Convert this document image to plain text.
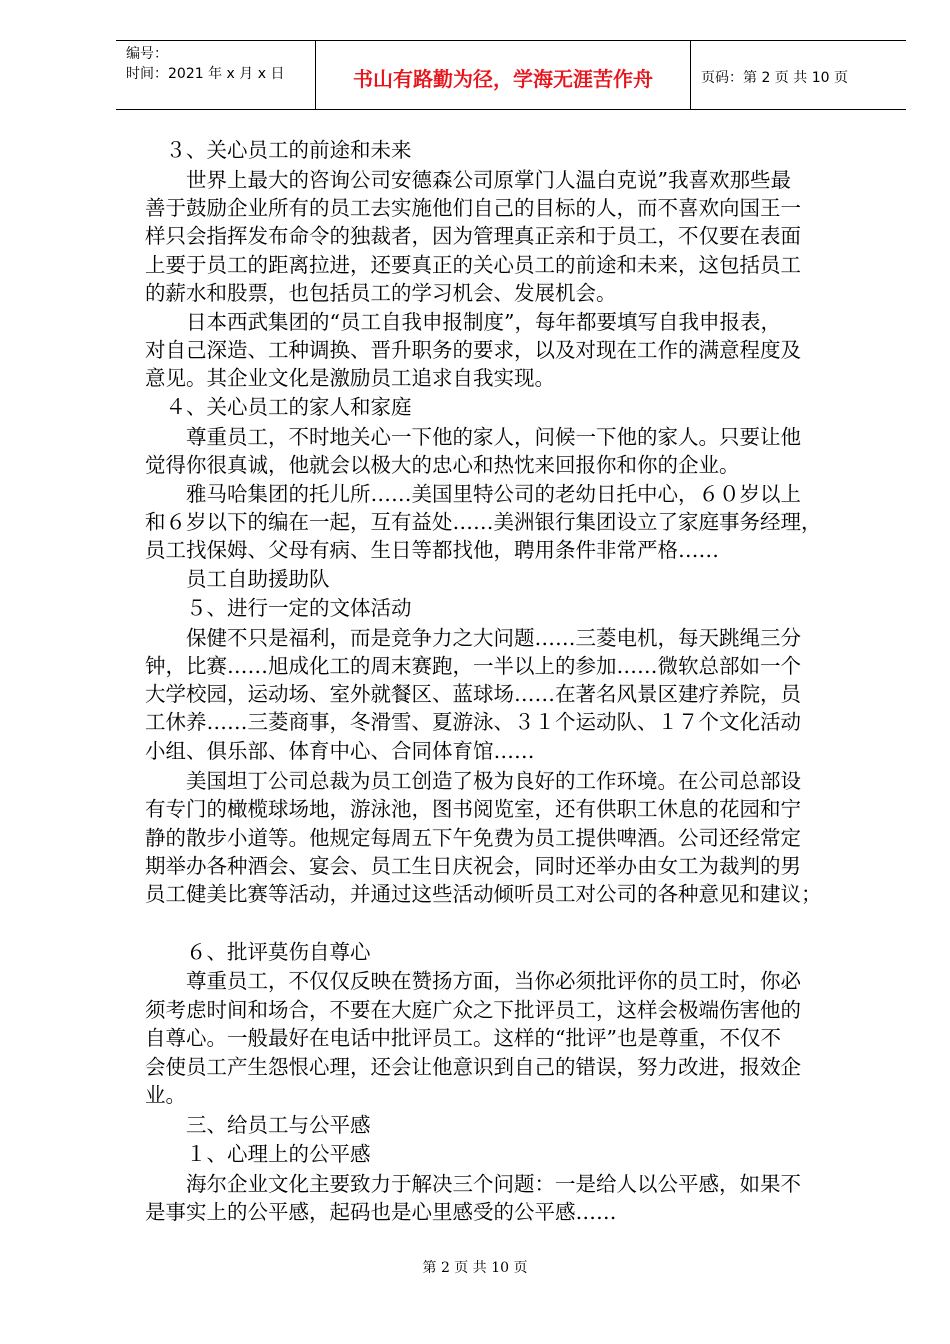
编号：
时间：2021 年 x 月 x 日	书山有路勤为径，学海无涯苦作舟	页码：第 2 页 共 10 页
　３、关心员工的前途和未来
　　世界上最大的咨询公司安德森公司原掌门人温白克说”我喜欢那些最
善于鼓励企业所有的员工去实施他们自己的目标的人，而不喜欢向国王一
样只会指挥发布命令的独裁者，因为管理真正亲和于员工，不仅要在表面
上要于员工的距离拉进，还要真正的关心员工的前途和未来，这包括员工
的薪水和股票，也包括员工的学习机会、发展机会。
　　日本西武集团的“员工自我申报制度”，每年都要填写自我申报表，
对自己深造、工种调换、晋升职务的要求，以及对现在工作的满意程度及
意见。其企业文化是激励员工追求自我实现。
　４、关心员工的家人和家庭
　　尊重员工，不时地关心一下他的家人，问候一下他的家人。只要让他
觉得你很真诚，他就会以极大的忠心和热忱来回报你和你的企业。
　　雅马哈集团的托儿所……美国里特公司的老幼日托中心，６０岁以上
和６岁以下的编在一起，互有益处……美洲银行集团设立了家庭事务经理，
员工找保姆、父母有病、生日等都找他，聘用条件非常严格……
　　员工自助援助队
　　５、进行一定的文体活动
　　保健不只是福利，而是竞争力之大问题……三菱电机，每天跳绳三分
钟，比赛……旭成化工的周末赛跑，一半以上的参加……微软总部如一个
大学校园，运动场、室外就餐区、蓝球场……在著名风景区建疗养院，员
工休养……三菱商事，冬滑雪、夏游泳、３１个运动队、１７个文化活动
小组、俱乐部、体育中心、合同体育馆……
　　美国坦丁公司总裁为员工创造了极为良好的工作环境。在公司总部设
有专门的橄榄球场地，游泳池，图书阅览室，还有供职工休息的花园和宁
静的散步小道等。他规定每周五下午免费为员工提供啤酒。公司还经常定
期举办各种酒会、宴会、员工生日庆祝会，同时还举办由女工为裁判的男
员工健美比赛等活动，并通过这些活动倾听员工对公司的各种意见和建议；
　　６、批评莫伤自尊心
　　尊重员工，不仅仅反映在赞扬方面，当你必须批评你的员工时，你必
须考虑时间和场合，不要在大庭广众之下批评员工，这样会极端伤害他的
自尊心。一般最好在电话中批评员工。这样的“批评”也是尊重，不仅不
会使员工产生怨恨心理，还会让他意识到自己的错误，努力改进，报效企
业。
　　三、给员工与公平感
　　１、心理上的公平感
　　海尔企业文化主要致力于解决三个问题：一是给人以公平感，如果不
是事实上的公平感，起码也是心里感受的公平感……
第 2 页 共 10 页
